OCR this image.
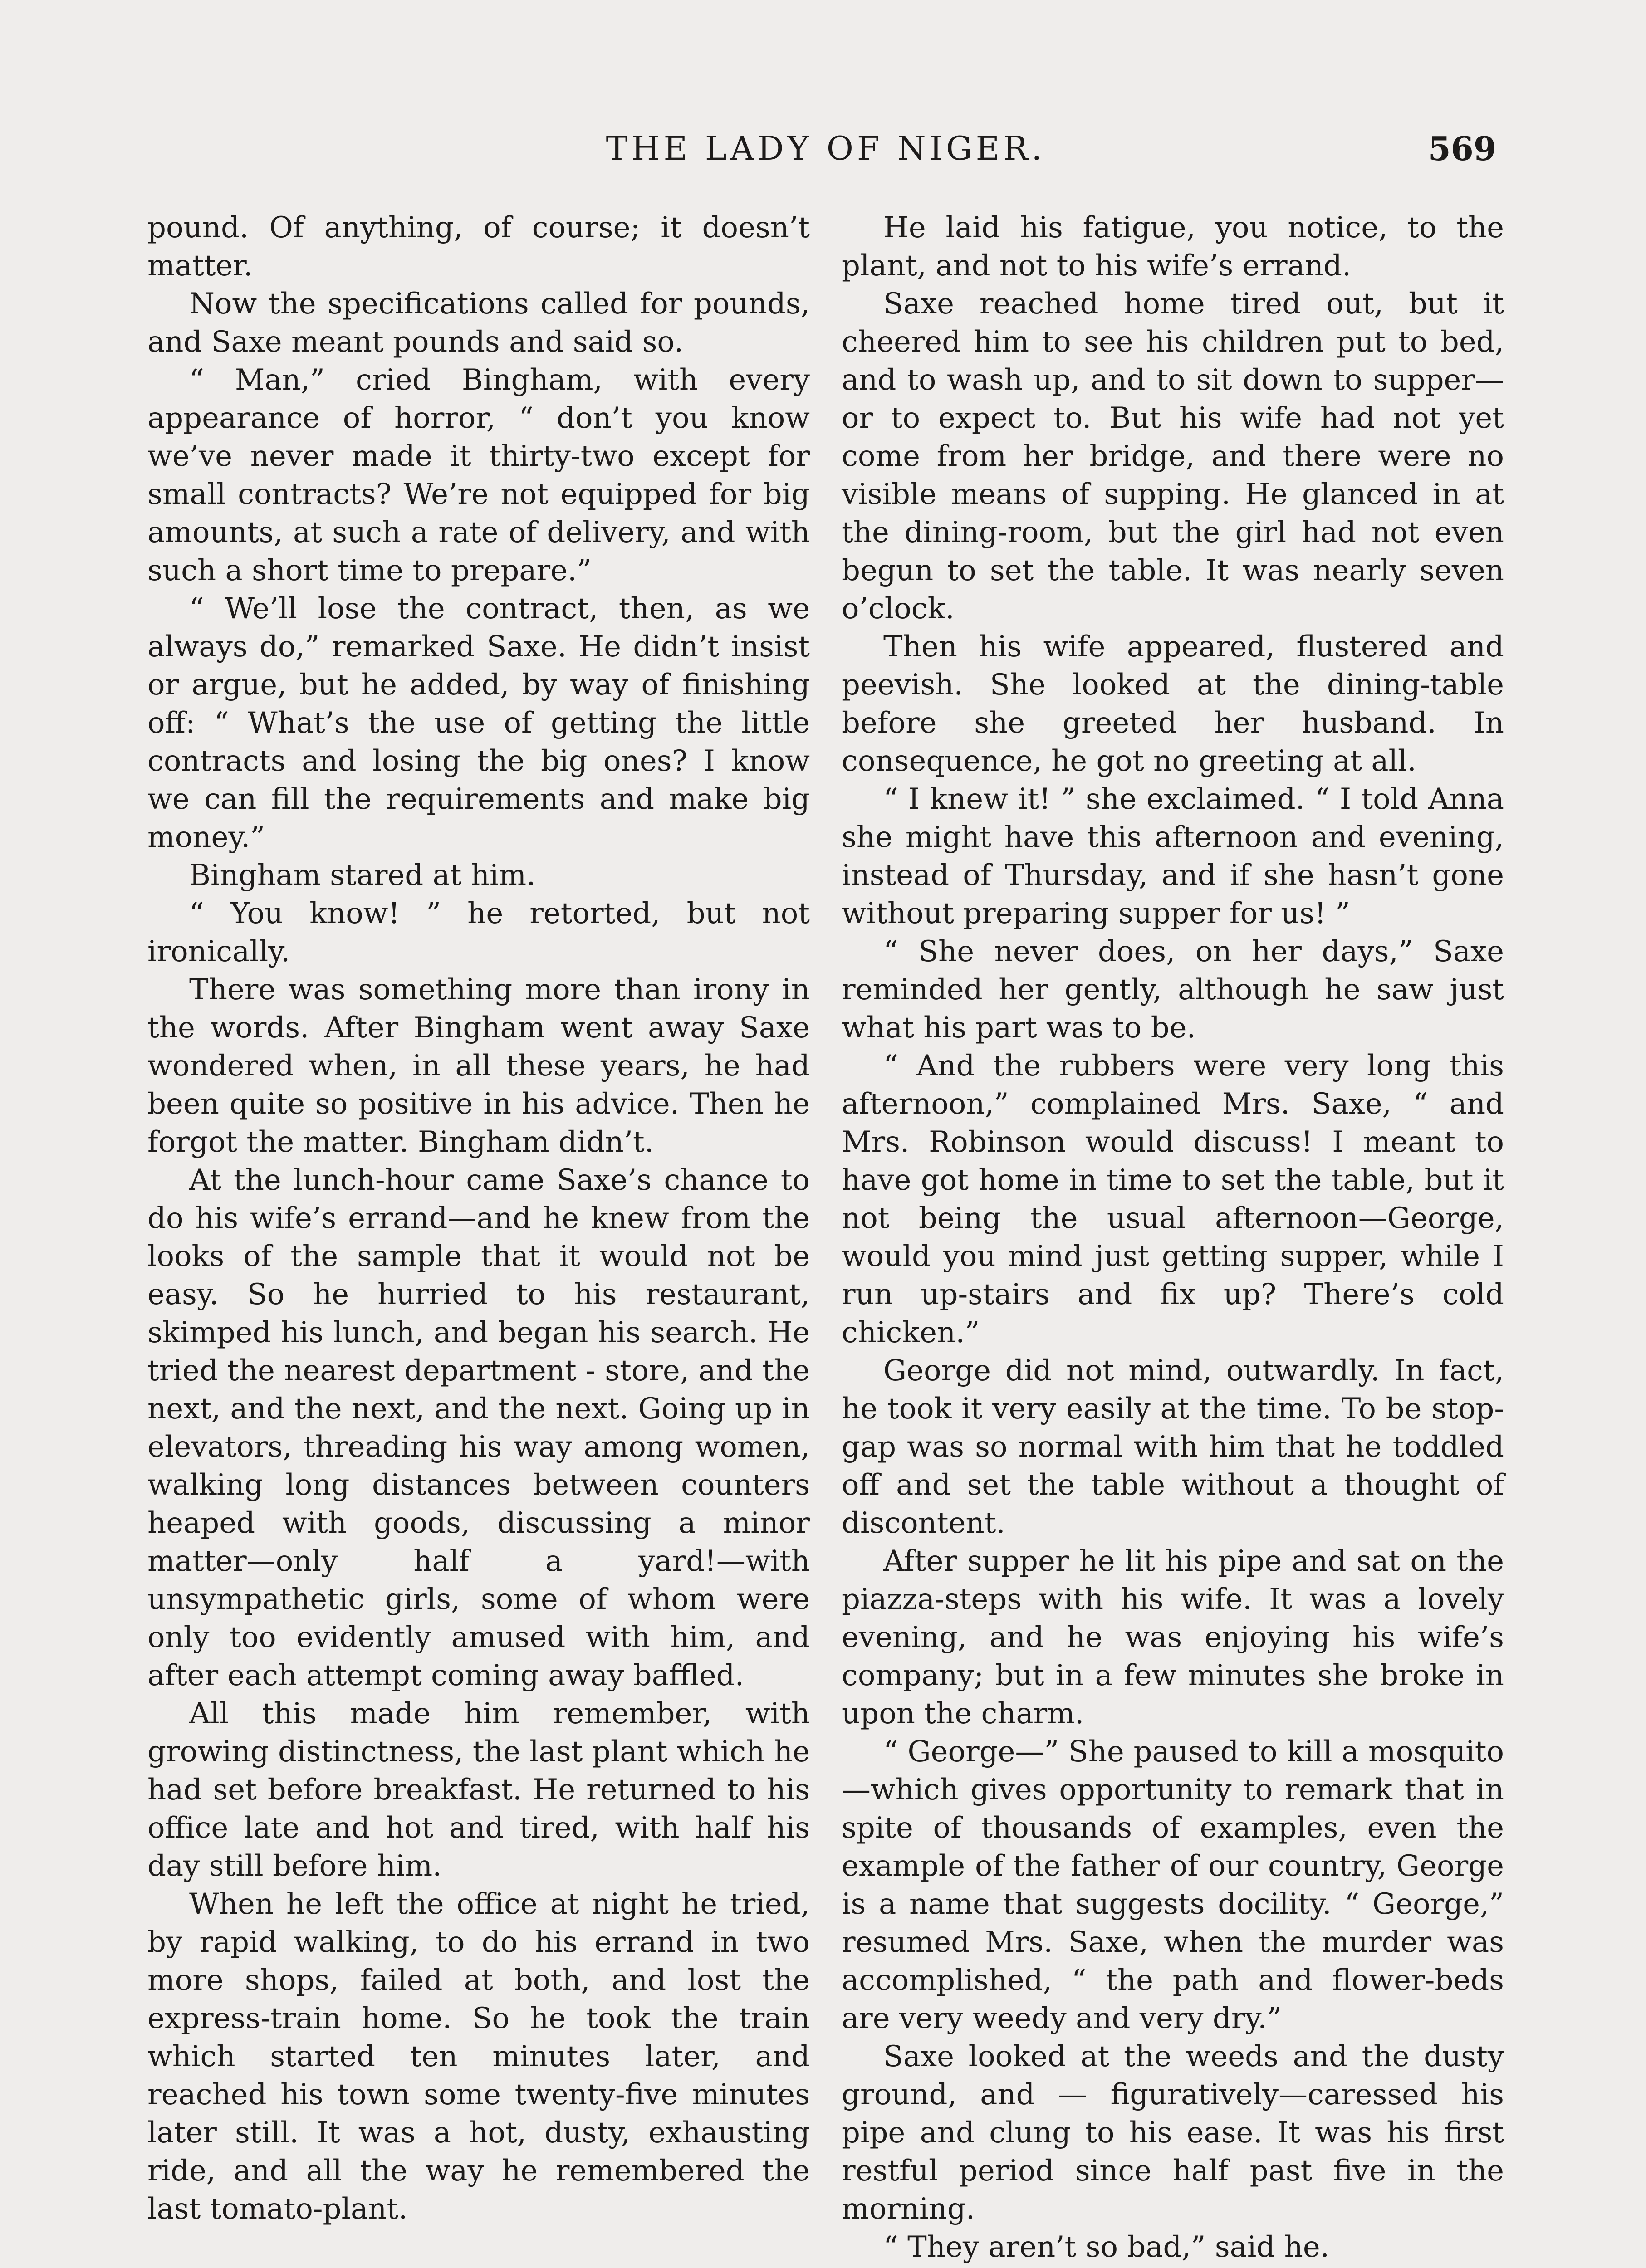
THE LADY OF NIGER.	569

pound. Of anything, of course; it doesn’t matter.

Now the specifications called for pounds, and Saxe meant pounds and said so.

“ Man,” cried Bingham, with every appearance of horror, “ don’t you know we’ve never made it thirty-two except for small contracts? We’re not equipped for big amounts, at such a rate of delivery, and with such a short time to prepare.”

“ We’ll lose the contract, then, as we always do,” remarked Saxe. He didn’t insist or argue, but he added, by way of finishing off: “ What’s the use of getting the little contracts and losing the big ones? I know we can fill the requirements and make big money.”

Bingham stared at him.

“ You know! ” he retorted, but not ironically.

There was something more than irony in the words. After Bingham went away Saxe wondered when, in all these years, he had been quite so positive in his advice. Then he forgot the matter. Bingham didn’t.

At the lunch-hour came Saxe’s chance to do his wife’s errand—and he knew from the looks of the sample that it would not be easy. So he hurried to his restaurant, skimped his lunch, and began his search. He tried the nearest department - store, and the next, and the next, and the next. Going up in elevators, threading his way among women, walking long distances between counters heaped with goods, discussing a minor matter—only half a yard!—with unsympathetic girls, some of whom were only too evidently amused with him, and after each attempt coming away baffled.

All this made him remember, with growing distinctness, the last plant which he had set before breakfast. He returned to his office late and hot and tired, with half his day still before him.

When he left the office at night he tried, by rapid walking, to do his errand in two more shops, failed at both, and lost the express-train home. So he took the train which started ten minutes later, and reached his town some twenty-five minutes later still. It was a hot, dusty, exhausting ride, and all the way he remembered the last tomato-plant.

He laid his fatigue, you notice, to the plant, and not to his wife’s errand.

Saxe reached home tired out, but it cheered him to see his children put to bed, and to wash up, and to sit down to supper—or to expect to. But his wife had not yet come from her bridge, and there were no visible means of supping. He glanced in at the dining-room, but the girl had not even begun to set the table. It was nearly seven o’clock.

Then his wife appeared, flustered and peevish. She looked at the dining-table before she greeted her husband. In consequence, he got no greeting at all.

“ I knew it! ” she exclaimed. “ I told Anna she might have this afternoon and evening, instead of Thursday, and if she hasn’t gone without preparing supper for us! ”

“ She never does, on her days,” Saxe reminded her gently, although he saw just what his part was to be.

“ And the rubbers were very long this afternoon,” complained Mrs. Saxe, “ and Mrs. Robinson would discuss! I meant to have got home in time to set the table, but it not being the usual afternoon—George, would you mind just getting supper, while I run up-stairs and fix up? There’s cold chicken.”

George did not mind, outwardly. In fact, he took it very easily at the time. To be stop-gap was so normal with him that he toddled off and set the table without a thought of discontent.

After supper he lit his pipe and sat on the piazza-steps with his wife. It was a lovely evening, and he was enjoying his wife’s company; but in a few minutes she broke in upon the charm.

“ George—” She paused to kill a mosquito—which gives opportunity to remark that in spite of thousands of examples, even the example of the father of our country, George is a name that suggests docility. “ George,” resumed Mrs. Saxe, when the murder was accomplished, “ the path and flower-beds are very weedy and very dry.”

Saxe looked at the weeds and the dusty ground, and — figuratively—caressed his pipe and clung to his ease. It was his first restful period since half past five in the morning.

“ They aren’t so bad,” said he.
